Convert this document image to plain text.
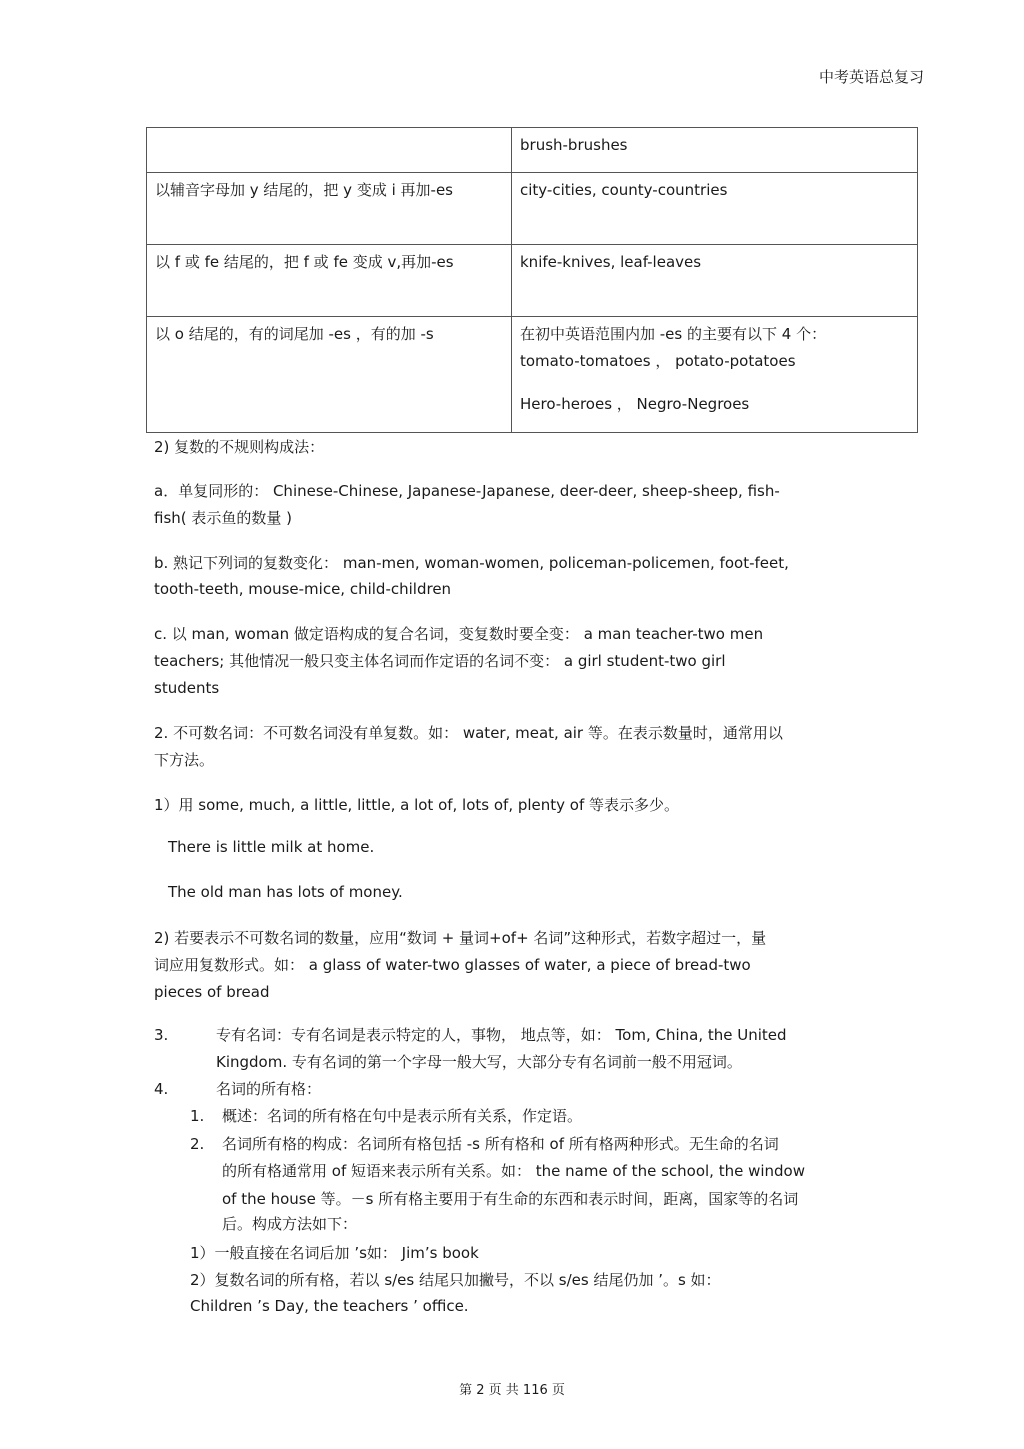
中考英语总复习
	brush-brushes
以辅音字母加 y 结尾的，把 y 变成 i 再加-es	city-cities, county-countries
以 f 或 fe 结尾的，把 f 或 fe 变成 v,再加-es	knife-knives, leaf-leaves
以 o 结尾的，有的词尾加 -es ，有的加 -s	在初中英语范围内加 -es 的主要有以下 4 个：
tomato-tomatoes ， potato-potatoes
Hero-heroes ， Negro-Negroes
2) 复数的不规则构成法：
a．单复同形的： Chinese-Chinese, Japanese-Japanese, deer-deer, sheep-sheep, fish-
fish( 表示鱼的数量 )
b. 熟记下列词的复数变化： man-men, woman-women, policeman-policemen, foot-feet,
tooth-teeth, mouse-mice, child-children
c. 以 man, woman 做定语构成的复合名词，变复数时要全变： a man teacher-two men
teachers; 其他情况一般只变主体名词而作定语的名词不变： a girl student-two girl
students
2. 不可数名词：不可数名词没有单复数。如： water, meat, air 等。在表示数量时，通常用以
下方法。
1）用 some, much, a little, little, a lot of, lots of, plenty of 等表示多少。
There is little milk at home.
The old man has lots of money.
2) 若要表示不可数名词的数量，应用“数词 + 量词+of+ 名词”这种形式，若数字超过一，量
词应用复数形式。如： a glass of water-two glasses of water, a piece of bread-two
pieces of bread
3.	专有名词：专有名词是表示特定的人，事物， 地点等，如： Tom, China, the United
Kingdom. 专有名词的第一个字母一般大写，大部分专有名词前一般不用冠词。
4.	名词的所有格：
1. 概述：名词的所有格在句中是表示所有关系，作定语。
2. 名词所有格的构成：名词所有格包括 -s 所有格和 of 所有格两种形式。无生命的名词
的所有格通常用 of 短语来表示所有关系。如： the name of the school, the window
of the house 等。－s 所有格主要用于有生命的东西和表示时间，距离，国家等的名词
后。构成方法如下：
1）一般直接在名词后加 ’s如： Jim’s book
2）复数名词的所有格，若以 s/es 结尾只加撇号，不以 s/es 结尾仍加 ’。s 如：
Children ’s Day, the teachers ’ office.
第 2 页 共 116 页
